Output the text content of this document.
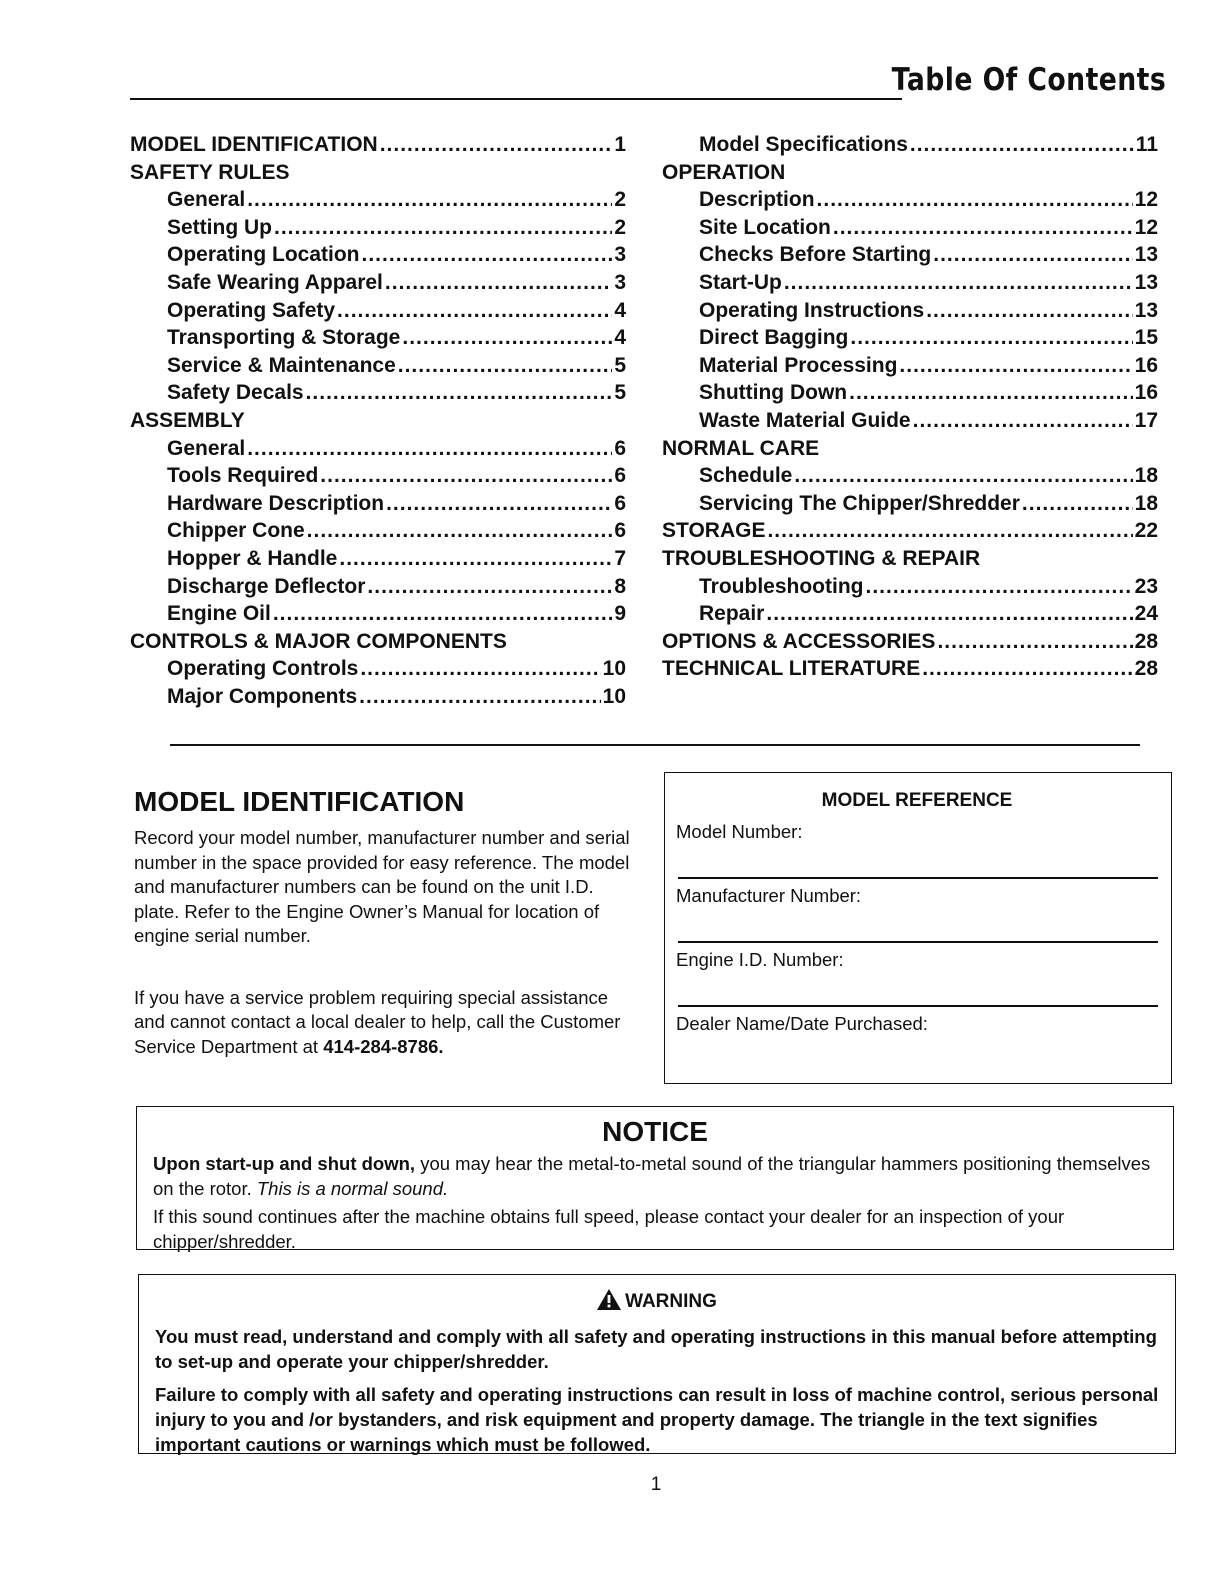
Table Of Contents
MODEL IDENTIFICATION .....	1
SAFETY RULES
General .....	2
Setting Up .....	2
Operating Location .....	3
Safe Wearing Apparel .....	3
Operating Safety .....	4
Transporting & Storage .....	4
Service & Maintenance .....	5
Safety Decals .....	5
ASSEMBLY
General .....	6
Tools Required .....	6
Hardware Description .....	6
Chipper Cone .....	6
Hopper & Handle .....	7
Discharge Deflector .....	8
Engine Oil .....	9
CONTROLS & MAJOR COMPONENTS
Operating Controls .....	10
Major Components .....	10
Model Specifications .....	11
OPERATION
Description .....	12
Site Location .....	12
Checks Before Starting .....	13
Start-Up .....	13
Operating Instructions .....	13
Direct Bagging .....	15
Material Processing .....	16
Shutting Down .....	16
Waste Material Guide .....	17
NORMAL CARE
Schedule .....	18
Servicing The Chipper/Shredder .....	18
STORAGE .....	22
TROUBLESHOOTING & REPAIR
Troubleshooting .....	23
Repair .....	24
OPTIONS & ACCESSORIES .....	28
TECHNICAL LITERATURE .....	28
MODEL IDENTIFICATION

Record your model number, manufacturer number and serial number in the space provided for easy reference. The model and manufacturer numbers can be found on the unit I.D. plate. Refer to the Engine Owner’s Manual for location of engine serial number.

If you have a service problem requiring special assistance and cannot contact a local dealer to help, call the Customer Service Department at 414-284-8786.

MODEL REFERENCE
Model Number:
Manufacturer Number:
Engine I.D. Number:
Dealer Name/Date Purchased:
NOTICE

Upon start-up and shut down, you may hear the metal-to-metal sound of the triangular hammers positioning themselves on the rotor. This is a normal sound.

If this sound continues after the machine obtains full speed, please contact your dealer for an inspection of your chipper/shredder.

WARNING

You must read, understand and comply with all safety and operating instructions in this manual before attempting to set-up and operate your chipper/shredder.

Failure to comply with all safety and operating instructions can result in loss of machine control, serious personal injury to you and /or bystanders, and risk equipment and property damage. The triangle in the text signifies important cautions or warnings which must be followed.

1
